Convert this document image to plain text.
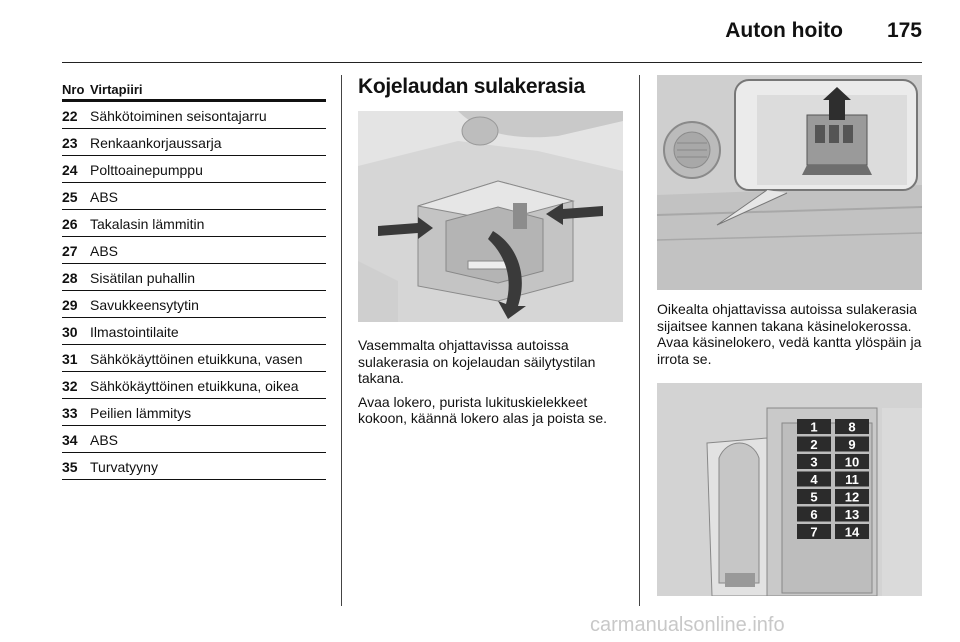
Auton hoito 175
Nro Virtapiiri
22 Sähkötoiminen seisontajarru
23 Renkaankorjaussarja
24 Polttoainepumppu
25 ABS
26 Takalasin lämmitin
27 ABS
28 Sisätilan puhallin
29 Savukkeensytytin
30 Ilmastointilaite
31 Sähkökäyttöinen etuikkuna, vasen
32 Sähkökäyttöinen etuikkuna, oikea
33 Peilien lämmitys
34 ABS
35 Turvatyyny
Kojelaudan sulakerasia

Vasemmalta ohjattavissa autoissa sulakerasia on kojelaudan säilytystilan takana.

Avaa lokero, purista lukituskielekkeet kokoon, käännä lokero alas ja poista se.

Oikealta ohjattavissa autoissa sulakerasia sijaitsee kannen takana käsinelokerossa. Avaa käsinelokero, vedä kantta ylöspäin ja irrota se.

1 8
2 9
3 10
4 11
5 12
6 13
7 14
carmanualsonline.info
